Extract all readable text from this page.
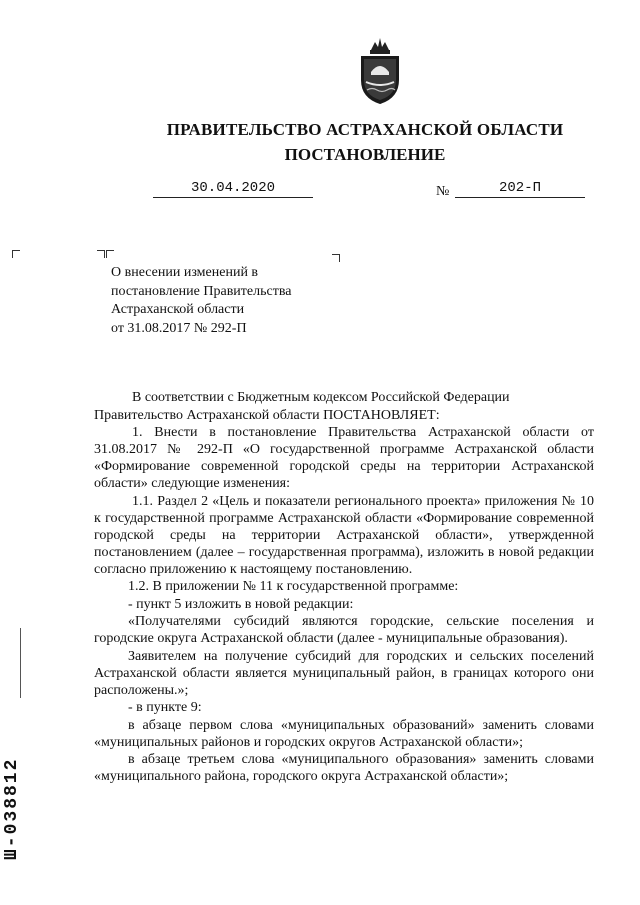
ПРАВИТЕЛЬСТВО АСТРАХАНСКОЙ ОБЛАСТИ
ПОСТАНОВЛЕНИЕ
30.04.2020	№	202-П
О внесении изменений в
постановление Правительства
Астраханской области
от 31.08.2017 № 292-П

В соответствии с Бюджетным кодексом Российской Федерации

Правительство Астраханской области ПОСТАНОВЛЯЕТ:

1. Внести в постановление Правительства Астраханской области от 31.08.2017 № 292-П «О государственной программе Астраханской области «Формирование современной городской среды на территории Астраханской области» следующие изменения:

1.1. Раздел 2 «Цель и показатели регионального проекта» приложения № 10 к государственной программе Астраханской области «Формирование современной городской среды на территории Астраханской области», утвержденной постановлением (далее – государственная программа), изложить в новой редакции согласно приложению к настоящему постановлению.

1.2. В приложении № 11 к государственной программе:

- пункт 5 изложить в новой редакции:

«Получателями субсидий являются городские, сельские поселения и городские округа Астраханской области (далее - муниципальные образования).

Заявителем на получение субсидий для городских и сельских поселений Астраханской области является муниципальный район, в границах которого они расположены.»;

- в пункте 9:

в абзаце первом слова «муниципальных образований» заменить словами «муниципальных районов и городских округов Астраханской области»;

в абзаце третьем слова «муниципального образования» заменить словами «муниципального района, городского округа Астраханской области»;

Ш-038812
